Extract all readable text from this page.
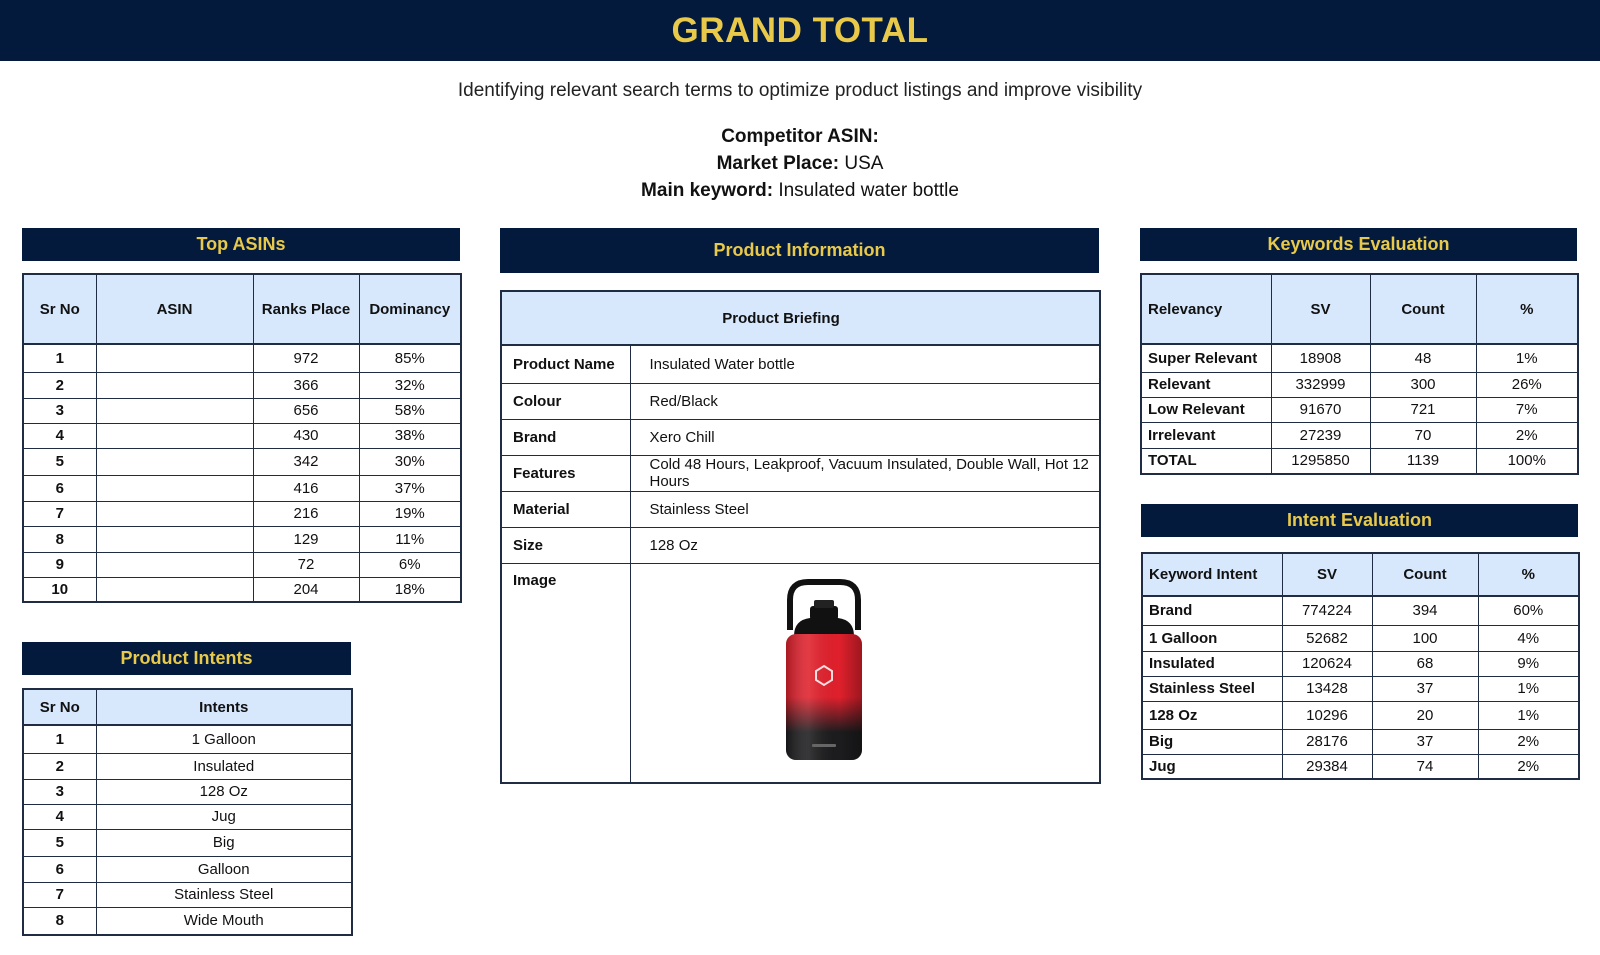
GRAND TOTAL
Identifying relevant search terms to optimize product listings and improve visibility
Competitor ASIN:
Market Place: USA
Main keyword: Insulated water bottle
Top ASINs
Sr No	ASIN	Ranks Place	Dominancy
1		972	85%
2		366	32%
3		656	58%
4		430	38%
5		342	30%
6		416	37%
7		216	19%
8		129	11%
9		72	6%
10		204	18%
Product Intents
Sr No	Intents
1	1 Galloon
2	Insulated
3	128 Oz
4	Jug
5	Big
6	Galloon
7	Stainless Steel
8	Wide Mouth
Product Information
Product Briefing	
Product Name	Insulated Water bottle
Colour	Red/Black
Brand	Xero Chill
Features	Cold 48 Hours, Leakproof, Vacuum Insulated, Double Wall, Hot 12 Hours
Material	Stainless Steel
Size	128 Oz
Image	
Keywords Evaluation
Relevancy	SV	Count	%
Super Relevant	18908	48	1%
Relevant	332999	300	26%
Low Relevant	91670	721	7%
Irrelevant	27239	70	2%
TOTAL	1295850	1139	100%
Intent Evaluation
Keyword Intent	SV	Count	%
Brand	774224	394	60%
1 Galloon	52682	100	4%
Insulated	120624	68	9%
Stainless Steel	13428	37	1%
128 Oz	10296	20	1%
Big	28176	37	2%
Jug	29384	74	2%
